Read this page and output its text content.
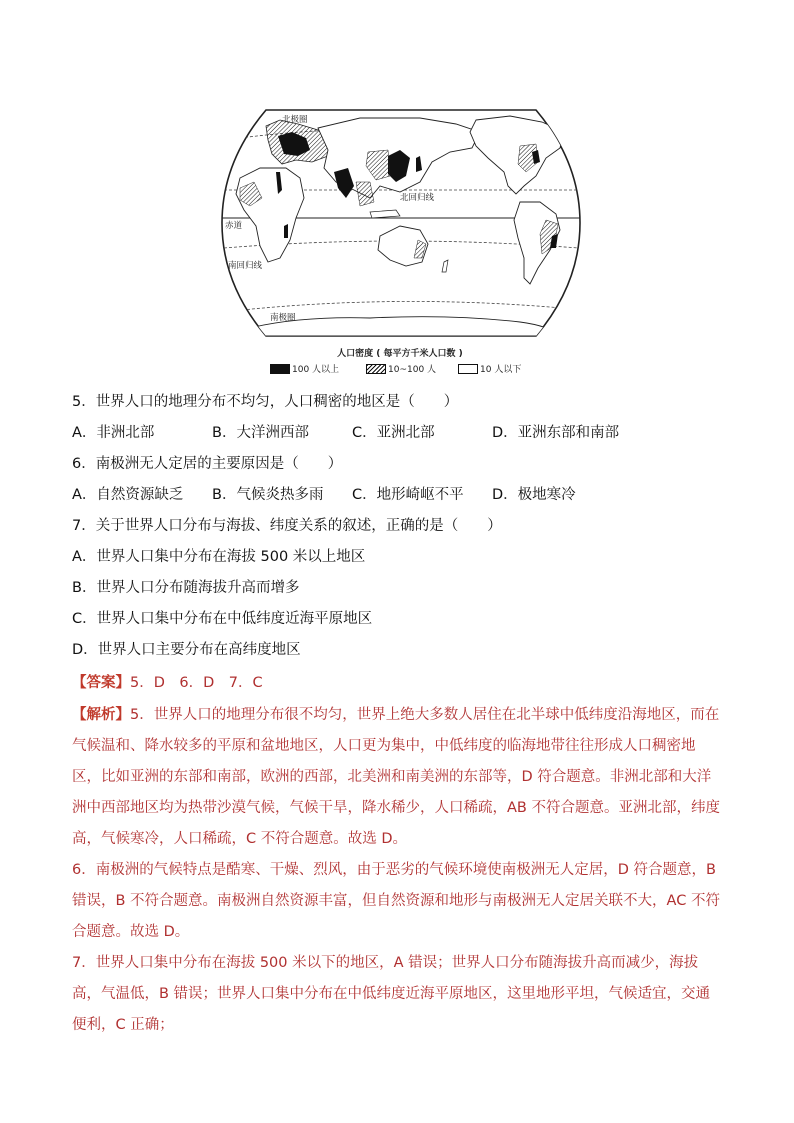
北极圈
北回归线
赤道
南回归线
南极圈
人口密度 ( 每平方千米人口数 )
100 人以上	10~100 人	10 人以下
5．世界人口的地理分布不均匀，人口稠密的地区是（　　）
A．非洲北部	B．大洋洲西部	C．亚洲北部	D．亚洲东部和南部
6．南极洲无人定居的主要原因是（　　）
A．自然资源缺乏 B．气候炎热多雨 C．地形崎岖不平 D．极地寒冷
7．关于世界人口分布与海拔、纬度关系的叙述，正确的是（　　）
A．世界人口集中分布在海拔 500 米以上地区
B．世界人口分布随海拔升高而增多
C．世界人口集中分布在中低纬度近海平原地区
D．世界人口主要分布在高纬度地区
【答案】5．D　6．D　7．C
【解析】5．世界人口的地理分布很不均匀，世界上绝大多数人居住在北半球中低纬度沿海地区，而在气候温和、降水较多的平原和盆地地区，人口更为集中，中低纬度的临海地带往往形成人口稠密地区，比如亚洲的东部和南部，欧洲的西部，北美洲和南美洲的东部等，D 符合题意。非洲北部和大洋洲中西部地区均为热带沙漠气候，气候干旱，降水稀少，人口稀疏，AB 不符合题意。亚洲北部，纬度高，气候寒冷，人口稀疏，C 不符合题意。故选 D。
6．南极洲的气候特点是酷寒、干燥、烈风，由于恶劣的气候环境使南极洲无人定居，D 符合题意，B 错误，B 不符合题意。南极洲自然资源丰富，但自然资源和地形与南极洲无人定居关联不大，AC 不符合题意。故选 D。
7．世界人口集中分布在海拔 500 米以下的地区，A 错误；世界人口分布随海拔升高而减少，海拔高，气温低，B 错误；世界人口集中分布在中低纬度近海平原地区，这里地形平坦，气候适宜，交通便利，C 正确；
